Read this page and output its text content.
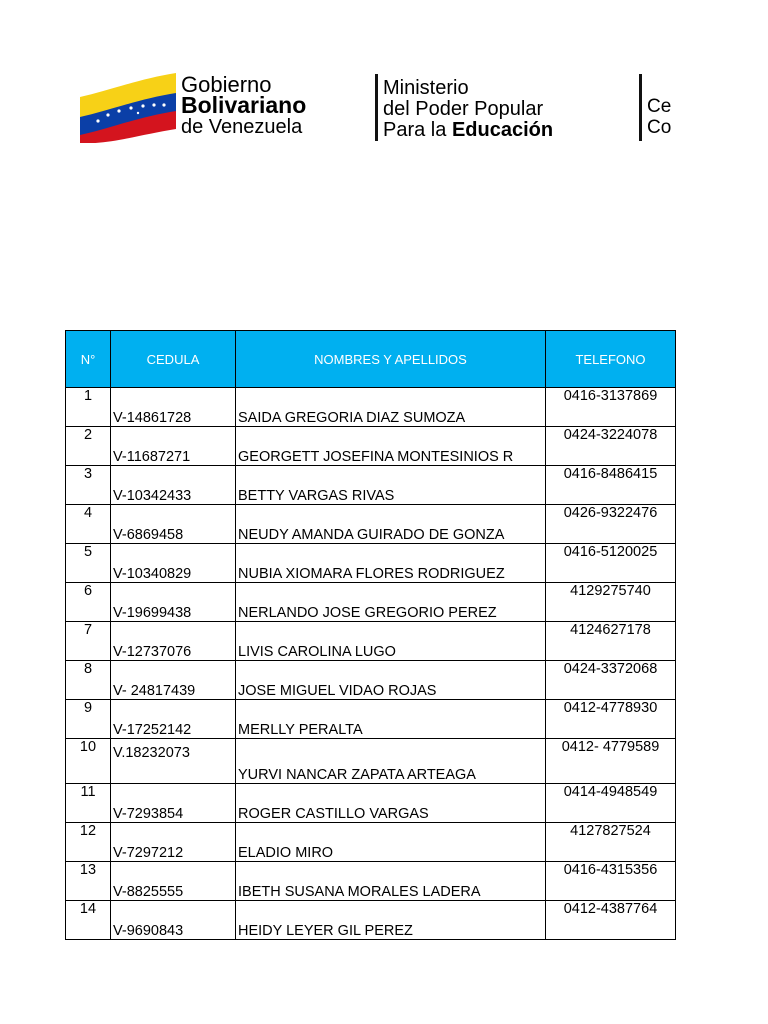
Gobierno
Bolivariano
de Venezuela
Ministerio
del Poder Popular
Para la Educación
Ce
Co
N°	CEDULA	NOMBRES Y APELLIDOS	TELEFONO
1	V-14861728	SAIDA GREGORIA DIAZ SUMOZA	0416-3137869
2	V-11687271	GEORGETT JOSEFINA MONTESINIOS R	0424-3224078
3	V-10342433	BETTY VARGAS RIVAS	0416-8486415
4	V-6869458	NEUDY AMANDA GUIRADO DE GONZA	0426-9322476
5	V-10340829	NUBIA XIOMARA FLORES RODRIGUEZ	0416-5120025
6	V-19699438	NERLANDO JOSE GREGORIO PEREZ	4129275740
7	V-12737076	LIVIS CAROLINA LUGO	4124627178
8	V- 24817439	JOSE MIGUEL VIDAO ROJAS	0424-3372068
9	V-17252142	MERLLY PERALTA	0412-4778930
10	V.18232073	YURVI NANCAR ZAPATA ARTEAGA	0412- 4779589
11	V-7293854	ROGER CASTILLO VARGAS	0414-4948549
12	V-7297212	ELADIO MIRO	4127827524
13	V-8825555	IBETH SUSANA MORALES LADERA	0416-4315356
14	V-9690843	HEIDY LEYER GIL PEREZ	0412-4387764
